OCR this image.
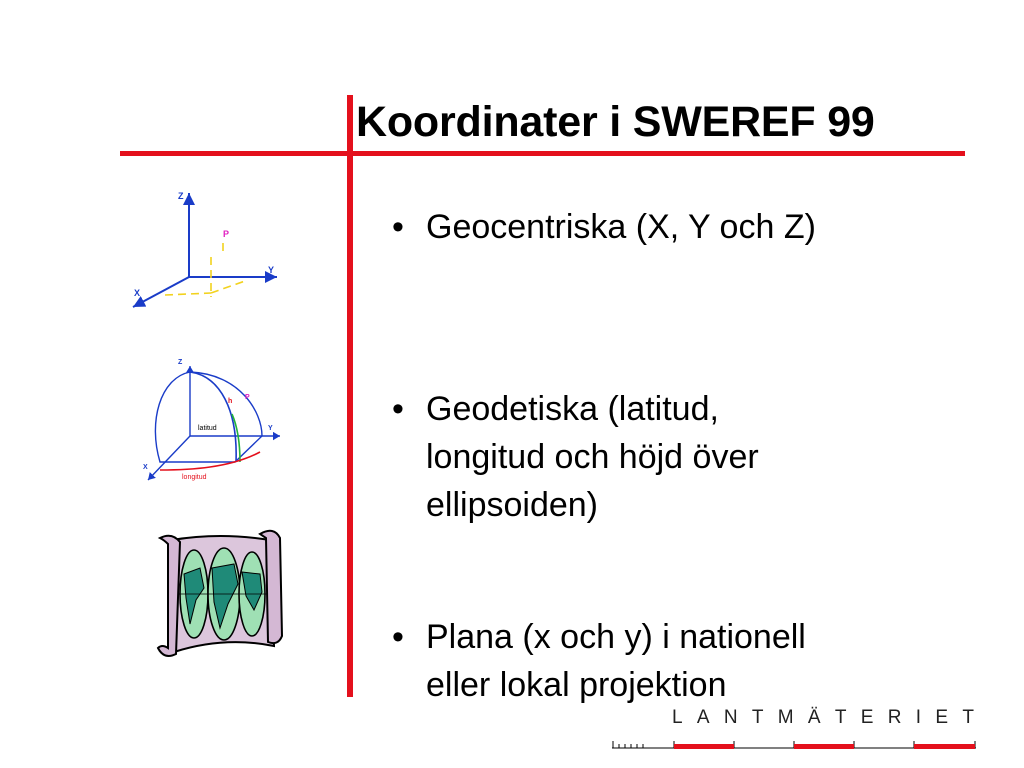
Koordinater i SWEREF 99
• Geocentriska (X, Y och Z)
• Geodetiska (latitud,
longitud och höjd över
ellipsoiden)
• Plana (x och y) i nationell
eller lokal projektion
Z
Y
X
P
Z
Y
X
P
h
latitud
longitud
LANTMÄTERIET
